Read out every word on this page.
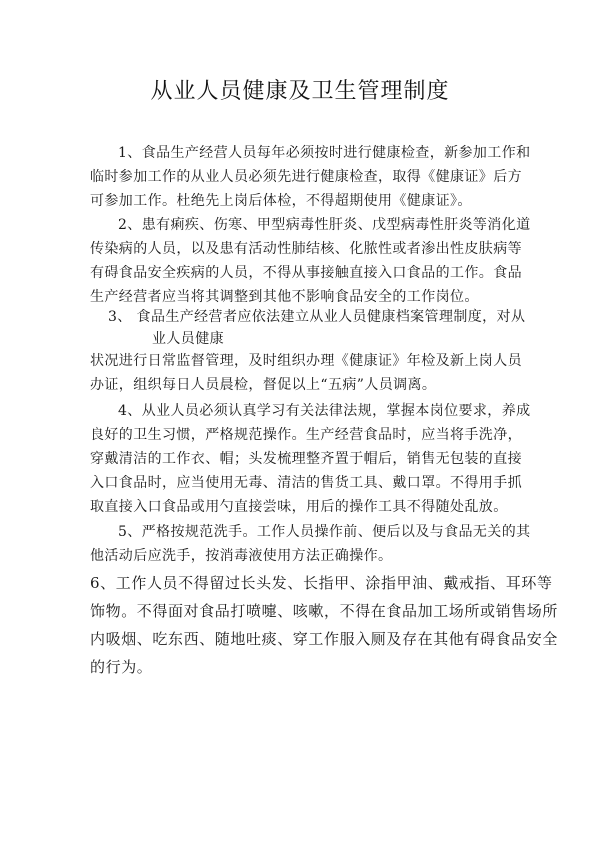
从业人员健康及卫生管理制度
1、食品生产经营人员每年必须按时进行健康检查，新参加工作和
临时参加工作的从业人员必须先进行健康检查，取得《健康证》后方
可参加工作。杜绝先上岗后体检，不得超期使用《健康证》。
2、患有痢疾、伤寒、甲型病毒性肝炎、戊型病毒性肝炎等消化道
传染病的人员，以及患有活动性肺结核、化脓性或者渗出性皮肤病等
有碍食品安全疾病的人员，不得从事接触直接入口食品的工作。食品
生产经营者应当将其调整到其他不影响食品安全的工作岗位。
3、 食品生产经营者应依法建立从业人员健康档案管理制度，对从
业人员健康
状况进行日常监督管理，及时组织办理《健康证》年检及新上岗人员
办证，组织每日人员晨检，督促以上“五病”人员调离。
4、从业人员必须认真学习有关法律法规，掌握本岗位要求，养成
良好的卫生习惯，严格规范操作。生产经营食品时，应当将手洗净，
穿戴清洁的工作衣、帽；头发梳理整齐置于帽后，销售无包装的直接
入口食品时，应当使用无毒、清洁的售货工具、戴口罩。不得用手抓
取直接入口食品或用勺直接尝味，用后的操作工具不得随处乱放。
5、严格按规范洗手。工作人员操作前、便后以及与食品无关的其
他活动后应洗手，按消毒液使用方法正确操作。
6、工作人员不得留过长头发、长指甲、涂指甲油、戴戒指、耳环等
饰物。不得面对食品打喷嚏、咳嗽，不得在食品加工场所或销售场所
内吸烟、吃东西、随地吐痰、穿工作服入厕及存在其他有碍食品安全
的行为。
